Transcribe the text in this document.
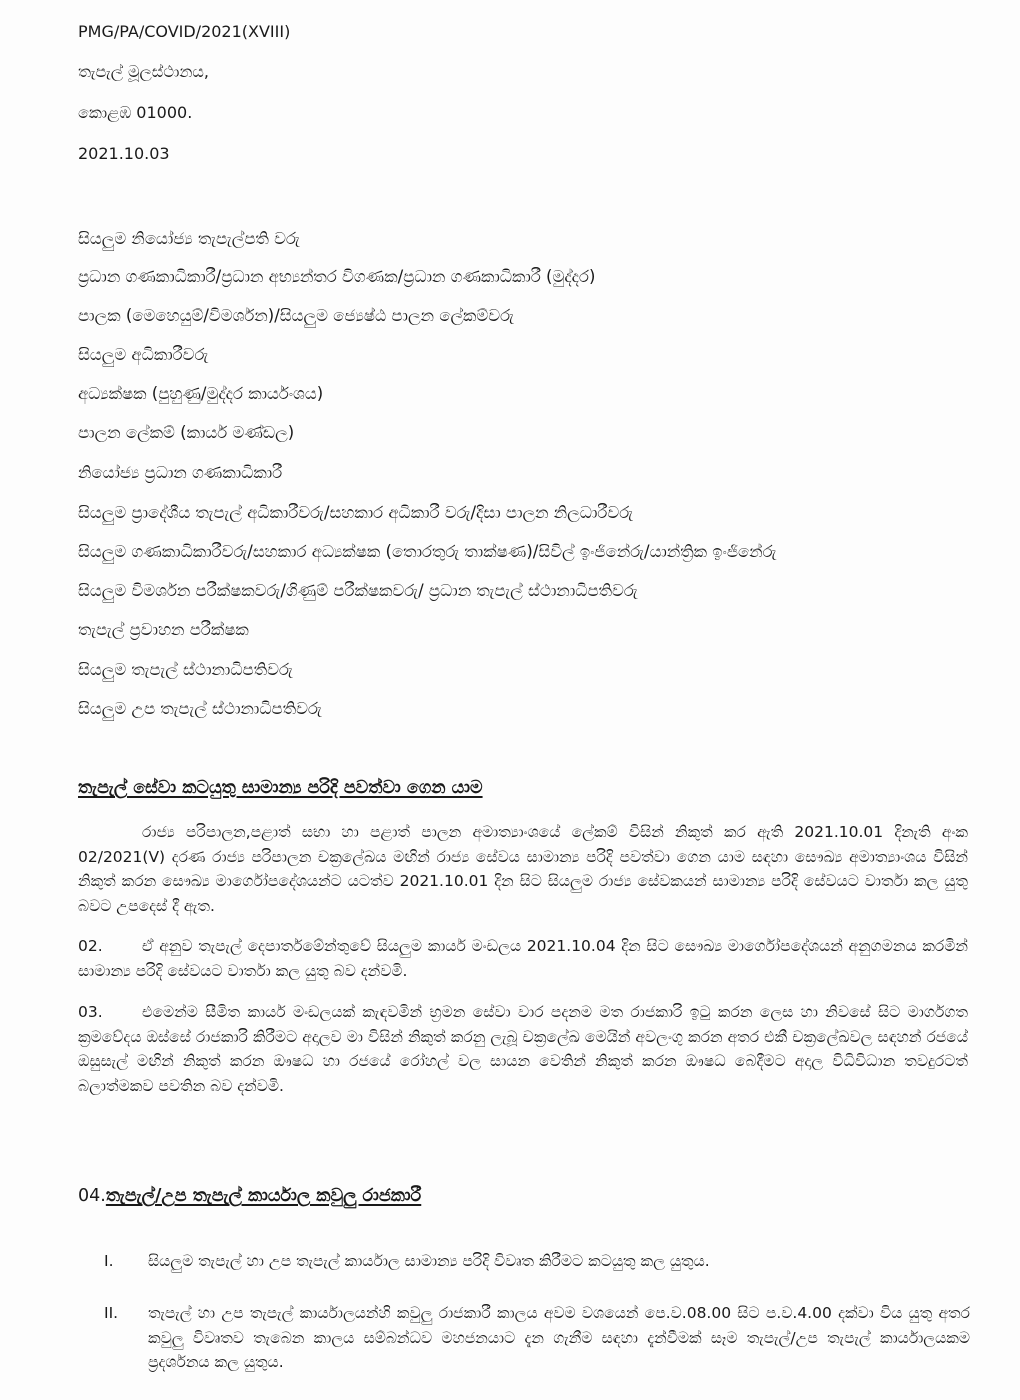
PMG/PA/COVID/2021(XVIII)
තැපැල් මූලස්ථානය,
කොළඹ 01000.
2021.10.03
සියලුම නියෝජ්‍ය තැපැල්පති වරු
ප්‍රධාන ගණකාධිකාරී/ප්‍රධාන අභ්‍යන්තර විගණක/ප්‍රධාන ගණකාධිකාරී (මුද්දර)
පාලක (මෙහෙයුම්/විමර්ශන)/සියලුම ජ්‍යෙෂ්ඨ පාලන ලේකම්වරු
සියලුම අධිකාරීවරු
අධ්‍යක්ෂක (පුහුණු/මුද්දර කාර්යංශය)
පාලන ලේකම් (කාර්ය මණ්ඩල)
නියෝජ්‍ය ප්‍රධාන ගණකාධිකාරී
සියලුම ප්‍රාදේශීය තැපැල් අධිකාරීවරු/සහකාර අධිකාරී වරු/දිසා පාලන නිලධාරීවරු
සියලුම ගණකාධිකාරීවරු/සහකාර අධ්‍යක්ෂක (තොරතුරු තාක්ෂණ)/සිවිල් ඉංජිනේරු/යාන්ත්‍රික ඉංජිනේරු
සියලුම විමර්ශන පරීක්ෂකවරු/ගිණුම් පරීක්ෂකවරු/ ප්‍රධාන තැපැල් ස්ථානාධිපතිවරු
තැපැල් ප්‍රවාහන පරීක්ෂක
සියලුම තැපැල් ස්ථානාධිපතිවරු
සියලුම උප තැපැල් ස්ථානාධිපතිවරු
තැපැල් සේවා කටයුතු සාමාන්‍ය පරිදි පවත්වා ගෙන යාම
රාජ්‍ය පරිපාලන,පළාත් සභා හා පළාත් පාලන අමාත්‍යාංශයේ ලේකම් විසින් නිකුත් කර ඇති 2021.10.01 දිනැති අංක 02/2021(V) දරණ රාජ්‍ය පරිපාලන චක්‍රලේඛය මඟින් රාජ්‍ය සේවය සාමාන්‍ය පරිදි පවත්වා ගෙන යාම සඳහා සෞඛ්‍ය අමාත්‍යාංශය විසින් නිකුත් කරන සෞඛ්‍ය මාර්ගෝපදේශයන්ට යටත්ව 2021.10.01 දින සිට සියලුම රාජ්‍ය සේවකයන් සාමාන්‍ය පරිදි සේවයට වාර්තා කල යුතු බවට උපදෙස් දී ඇත.
02.	ඒ අනුව තැපැල් දෙපාර්තමේන්තුවේ සියලුම කාර්ය මංඩලය 2021.10.04 දින සිට සෞඛ්‍ය මාර්ගෝපදේශයන් අනුගමනය කරමින් සාමාන්‍ය පරිදි සේවයට වාර්තා කල යුතු බව දන්වමි.
03.	එමෙන්ම සීමිත කාර්ය මංඩලයක් කැඳවමින් භ්‍රමන සේවා වාර පදනම මත රාජකාරි ඉටු කරන ලෙස හා නිවසේ සිට මාර්ගගත ක්‍රමවේදය ඔස්සේ රාජකාරි කිරීමට අදාලව මා විසින් නිකුත් කරනු ලැබූ චක්‍රලේඛ මෙයින් අවලංගු කරන අතර එකී චක්‍රලේඛවල සඳහන් රජයේ ඔසුසැල් මඟින් නිකුත් කරන ඖෂධ හා රජයේ රෝහල් වල සායන වෙතින් නිකුත් කරන ඖෂධ බෙදීමට අදාල විධිවිධාන තවදුරටත් බලාත්මකව පවතින බව දන්වමි.
04.තැපැල්/උප තැපැල් කාර්යාල කවුලු රාජකාරී
I. සියලුම තැපැල් හා උප තැපැල් කාර්යාල සාමාන්‍ය පරිදි විවෘත කිරීමට කටයුතු කල යුතුය.
II. තැපැල් හා උප තැපැල් කාර්යාලයන්හි කවුලු රාජකාරී කාලය අවම වශයෙන් පෙ.ව.08.00 සිට ප.ව.4.00 දක්වා විය යුතු අතර කවුලු විවෘතව තැබෙන කාලය සම්බන්ධව මහජනයාට දැන ගැනීම සඳහා දැන්වීමක් සෑම තැපැල්/උප තැපැල් කාර්යාලයකම ප්‍රදර්ශනය කල යුතුය.
